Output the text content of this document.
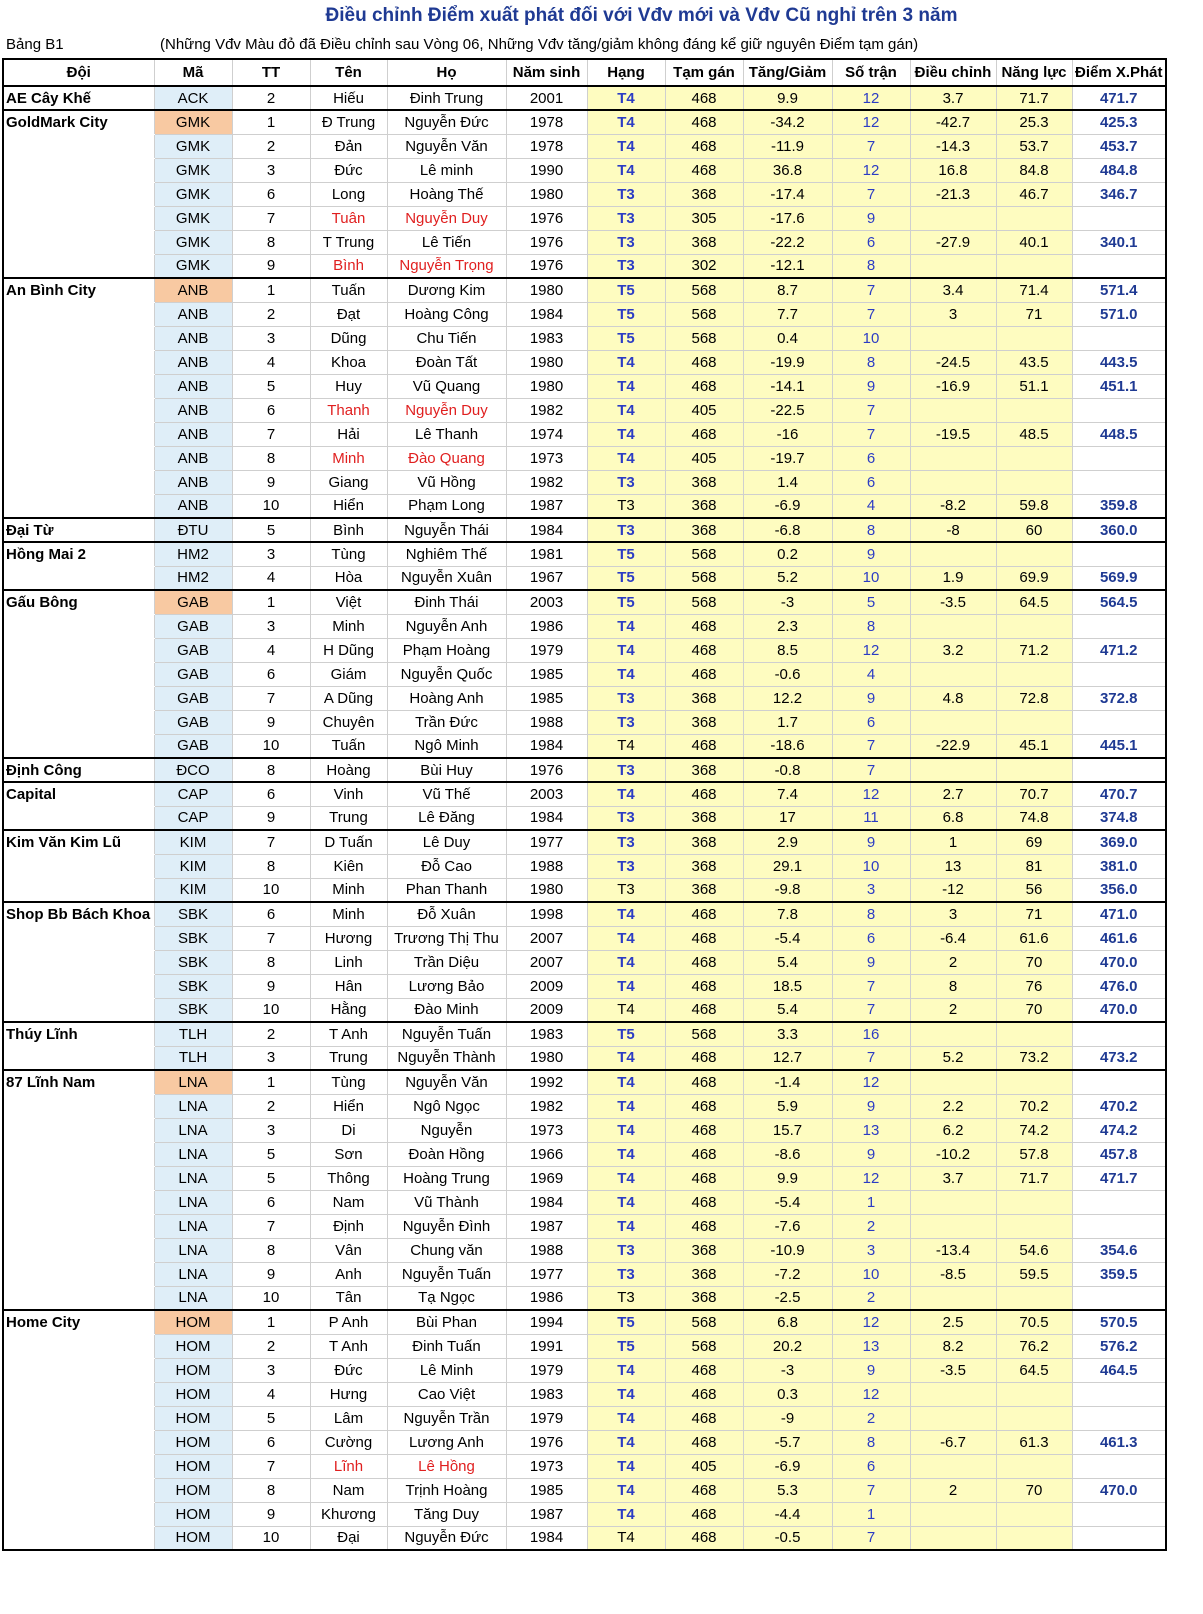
Điều chỉnh Điểm xuất phát đối với Vđv mới và Vđv Cũ nghỉ trên 3 năm
Bảng B1	(Những Vđv Màu đỏ đã Điều chỉnh sau Vòng 06, Những Vđv tăng/giảm không đáng kể giữ nguyên Điểm tạm gán)
Đội	Mã	TT	Tên	Họ	Năm sinh	Hạng	Tạm gán	Tăng/Giảm	Số trận	Điều chỉnh	Năng lực	Điểm X.Phát
AE Cây Khế	ACK	2	Hiếu	Đinh Trung	2001	T4	468	9.9	12	3.7	71.7	471.7
GoldMark City	GMK	1	Đ Trung	Nguyễn Đức	1978	T4	468	-34.2	12	-42.7	25.3	425.3
	GMK	2	Đản	Nguyễn Văn	1978	T4	468	-11.9	7	-14.3	53.7	453.7
	GMK	3	Đức	Lê minh	1990	T4	468	36.8	12	16.8	84.8	484.8
	GMK	6	Long	Hoàng Thế	1980	T3	368	-17.4	7	-21.3	46.7	346.7
	GMK	7	Tuân	Nguyễn Duy	1976	T3	305	-17.6	9			
	GMK	8	T Trung	Lê Tiến	1976	T3	368	-22.2	6	-27.9	40.1	340.1
	GMK	9	Bình	Nguyễn Trọng	1976	T3	302	-12.1	8			
An Bình City	ANB	1	Tuấn	Dương Kim	1980	T5	568	8.7	7	3.4	71.4	571.4
	ANB	2	Đạt	Hoàng Công	1984	T5	568	7.7	7	3	71	571.0
	ANB	3	Dũng	Chu Tiến	1983	T5	568	0.4	10			
	ANB	4	Khoa	Đoàn Tất	1980	T4	468	-19.9	8	-24.5	43.5	443.5
	ANB	5	Huy	Vũ Quang	1980	T4	468	-14.1	9	-16.9	51.1	451.1
	ANB	6	Thanh	Nguyễn Duy	1982	T4	405	-22.5	7			
	ANB	7	Hải	Lê Thanh	1974	T4	468	-16	7	-19.5	48.5	448.5
	ANB	8	Minh	Đào Quang	1973	T4	405	-19.7	6			
	ANB	9	Giang	Vũ Hồng	1982	T3	368	1.4	6			
	ANB	10	Hiển	Phạm Long	1987	T3	368	-6.9	4	-8.2	59.8	359.8
Đại Từ	ĐTU	5	Bình	Nguyễn Thái	1984	T3	368	-6.8	8	-8	60	360.0
Hồng Mai 2	HM2	3	Tùng	Nghiêm Thế	1981	T5	568	0.2	9			
	HM2	4	Hòa	Nguyễn Xuân	1967	T5	568	5.2	10	1.9	69.9	569.9
Gấu Bông	GAB	1	Việt	Đinh Thái	2003	T5	568	-3	5	-3.5	64.5	564.5
	GAB	3	Minh	Nguyễn Anh	1986	T4	468	2.3	8			
	GAB	4	H Dũng	Phạm Hoàng	1979	T4	468	8.5	12	3.2	71.2	471.2
	GAB	6	Giám	Nguyễn Quốc	1985	T4	468	-0.6	4			
	GAB	7	A Dũng	Hoàng Anh	1985	T3	368	12.2	9	4.8	72.8	372.8
	GAB	9	Chuyên	Trần Đức	1988	T3	368	1.7	6			
	GAB	10	Tuấn	Ngô Minh	1984	T4	468	-18.6	7	-22.9	45.1	445.1
Định Công	ĐCO	8	Hoàng	Bùi Huy	1976	T3	368	-0.8	7			
Capital	CAP	6	Vinh	Vũ Thế	2003	T4	468	7.4	12	2.7	70.7	470.7
	CAP	9	Trung	Lê Đăng	1984	T3	368	17	11	6.8	74.8	374.8
Kim Văn Kim Lũ	KIM	7	D Tuấn	Lê Duy	1977	T3	368	2.9	9	1	69	369.0
	KIM	8	Kiên	Đỗ Cao	1988	T3	368	29.1	10	13	81	381.0
	KIM	10	Minh	Phan Thanh	1980	T3	368	-9.8	3	-12	56	356.0
Shop Bb Bách Khoa	SBK	6	Minh	Đỗ Xuân	1998	T4	468	7.8	8	3	71	471.0
	SBK	7	Hương	Trương Thị Thu	2007	T4	468	-5.4	6	-6.4	61.6	461.6
	SBK	8	Linh	Trần Diệu	2007	T4	468	5.4	9	2	70	470.0
	SBK	9	Hân	Lương Bảo	2009	T4	468	18.5	7	8	76	476.0
	SBK	10	Hằng	Đào Minh	2009	T4	468	5.4	7	2	70	470.0
Thúy Lĩnh	TLH	2	T Anh	Nguyễn Tuấn	1983	T5	568	3.3	16			
	TLH	3	Trung	Nguyễn Thành	1980	T4	468	12.7	7	5.2	73.2	473.2
87 Lĩnh Nam	LNA	1	Tùng	Nguyễn Văn	1992	T4	468	-1.4	12			
	LNA	2	Hiển	Ngô Ngọc	1982	T4	468	5.9	9	2.2	70.2	470.2
	LNA	3	Di	Nguyễn	1973	T4	468	15.7	13	6.2	74.2	474.2
	LNA	5	Sơn	Đoàn Hồng	1966	T4	468	-8.6	9	-10.2	57.8	457.8
	LNA	5	Thông	Hoàng Trung	1969	T4	468	9.9	12	3.7	71.7	471.7
	LNA	6	Nam	Vũ Thành	1984	T4	468	-5.4	1			
	LNA	7	Định	Nguyễn Đình	1987	T4	468	-7.6	2			
	LNA	8	Vân	Chung văn	1988	T3	368	-10.9	3	-13.4	54.6	354.6
	LNA	9	Anh	Nguyễn Tuấn	1977	T3	368	-7.2	10	-8.5	59.5	359.5
	LNA	10	Tân	Tạ Ngọc	1986	T3	368	-2.5	2			
Home City	HOM	1	P Anh	Bùi Phan	1994	T5	568	6.8	12	2.5	70.5	570.5
	HOM	2	T Anh	Đinh Tuấn	1991	T5	568	20.2	13	8.2	76.2	576.2
	HOM	3	Đức	Lê Minh	1979	T4	468	-3	9	-3.5	64.5	464.5
	HOM	4	Hưng	Cao Việt	1983	T4	468	0.3	12			
	HOM	5	Lâm	Nguyễn Trần	1979	T4	468	-9	2			
	HOM	6	Cường	Lương Anh	1976	T4	468	-5.7	8	-6.7	61.3	461.3
	HOM	7	Lĩnh	Lê Hồng	1973	T4	405	-6.9	6			
	HOM	8	Nam	Trịnh Hoàng	1985	T4	468	5.3	7	2	70	470.0
	HOM	9	Khương	Tăng Duy	1987	T4	468	-4.4	1			
	HOM	10	Đại	Nguyễn Đức	1984	T4	468	-0.5	7			
